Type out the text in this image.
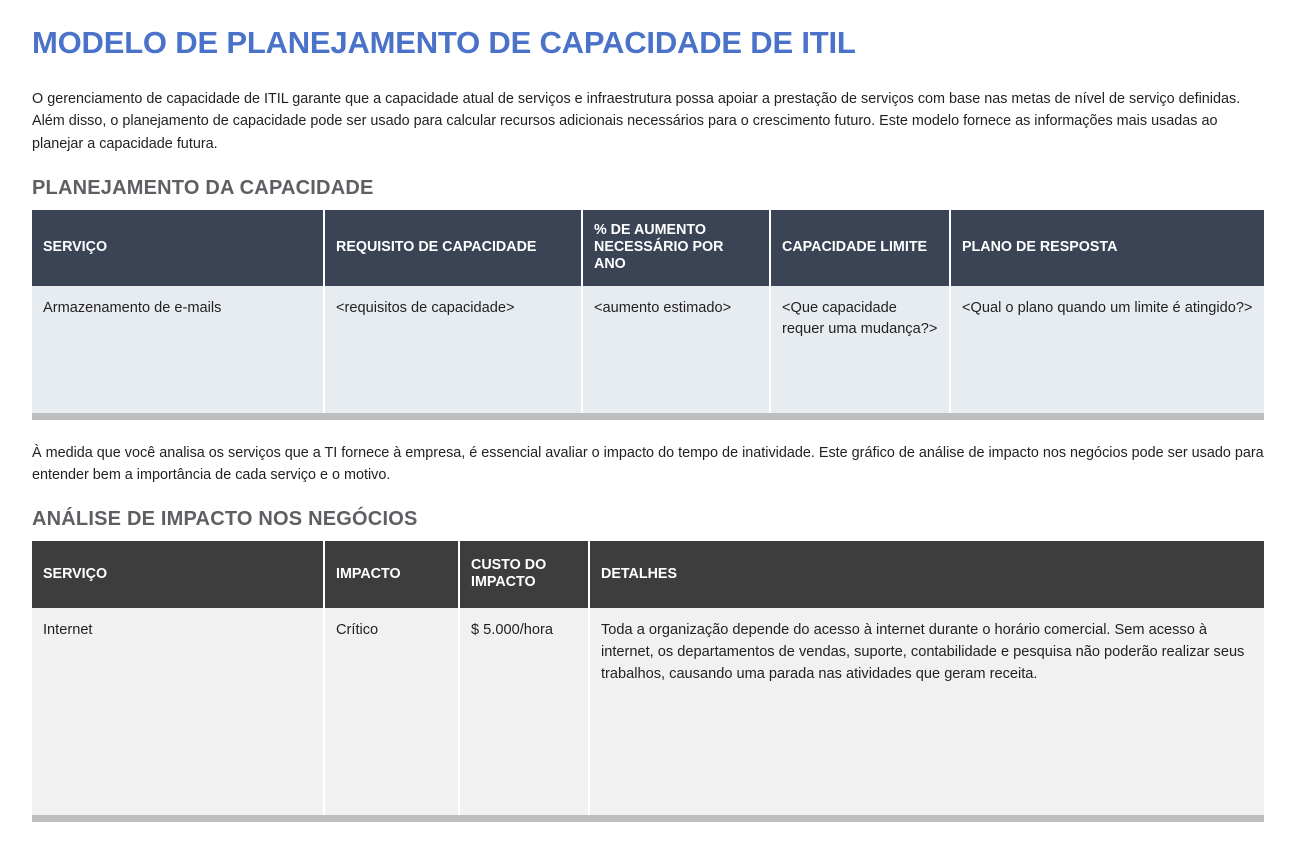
MODELO DE PLANEJAMENTO DE CAPACIDADE DE ITIL

O gerenciamento de capacidade de ITIL garante que a capacidade atual de serviços e infraestrutura possa apoiar a prestação de serviços com base nas metas de nível de serviço definidas. Além disso, o planejamento de capacidade pode ser usado para calcular recursos adicionais necessários para o crescimento futuro. Este modelo fornece as informações mais usadas ao planejar a capacidade futura.

PLANEJAMENTO DA CAPACIDADE
SERVIÇO	REQUISITO DE CAPACIDADE	% DE AUMENTO NECESSÁRIO POR ANO	CAPACIDADE LIMITE	PLANO DE RESPOSTA
Armazenamento de e-mails	<requisitos de capacidade>	<aumento estimado>	<Que capacidade requer uma mudança?>	<Qual o plano quando um limite é atingido?>

À medida que você analisa os serviços que a TI fornece à empresa, é essencial avaliar o impacto do tempo de inatividade. Este gráfico de análise de impacto nos negócios pode ser usado para entender bem a importância de cada serviço e o motivo.

ANÁLISE DE IMPACTO NOS NEGÓCIOS
SERVIÇO	IMPACTO	CUSTO DO IMPACTO	DETALHES
Internet	Crítico	$ 5.000/hora	Toda a organização depende do acesso à internet durante o horário comercial. Sem acesso à internet, os departamentos de vendas, suporte, contabilidade e pesquisa não poderão realizar seus trabalhos, causando uma parada nas atividades que geram receita.
